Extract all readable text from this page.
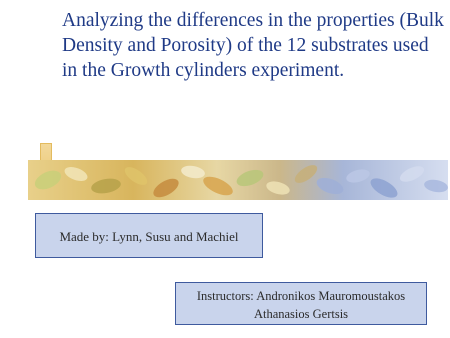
Analyzing the differences in the properties (Bulk Density and Porosity) of the 12 substrates used in the Growth cylinders experiment.
Made by: Lynn, Susu and Machiel
Instructors: Andronikos Mauromoustakos
Athanasios Gertsis
